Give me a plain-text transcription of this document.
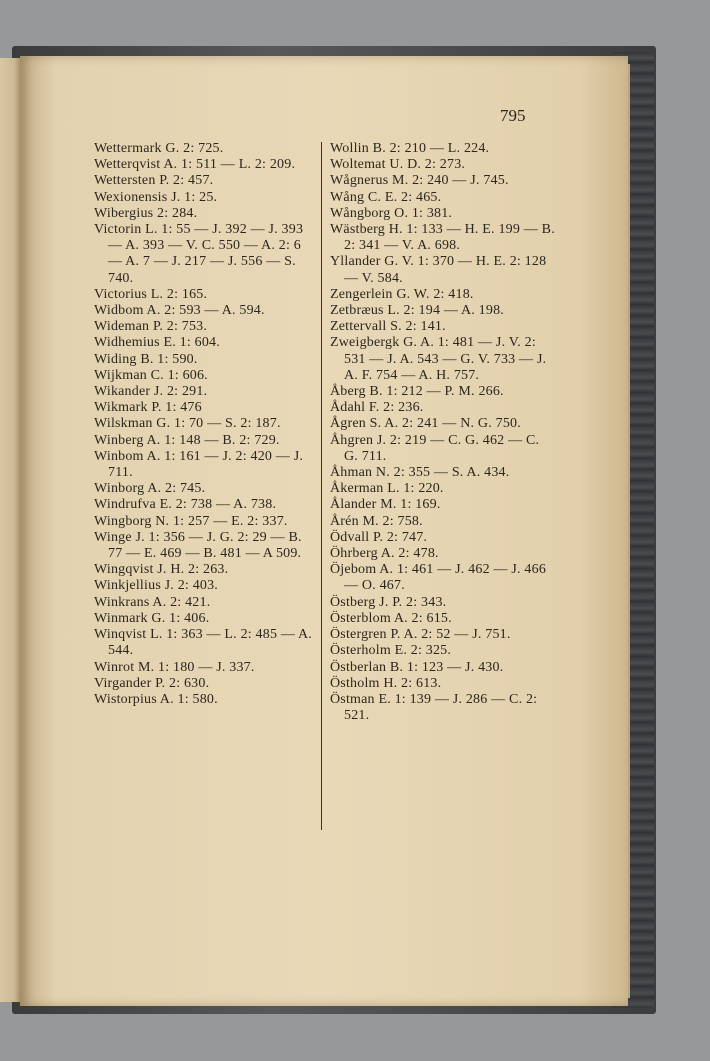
795
Wettermark G. 2: 725.
Wetterqvist A. 1: 511 — L. 2: 209.
Wettersten P. 2: 457.
Wexionensis J. 1: 25.
Wibergius 2: 284.
Victorin L. 1: 55 — J. 392 — J. 393 — A. 393 — V. C. 550 — A. 2: 6 — A. 7 — J. 217 — J. 556 — S. 740.
Victorius L. 2: 165.
Widbom A. 2: 593 — A. 594.
Wideman P. 2: 753.
Widhemius E. 1: 604.
Widing B. 1: 590.
Wijkman C. 1: 606.
Wikander J. 2: 291.
Wikmark P. 1: 476
Wilskman G. 1: 70 — S. 2: 187.
Winberg A. 1: 148 — B. 2: 729.
Winbom A. 1: 161 — J. 2: 420 — J. 711.
Winborg A. 2: 745.
Windrufva E. 2: 738 — A. 738.
Wingborg N. 1: 257 — E. 2: 337.
Winge J. 1: 356 — J. G. 2: 29 — B. 77 — E. 469 — B. 481 — A 509.
Wingqvist J. H. 2: 263.
Winkjellius J. 2: 403.
Winkrans A. 2: 421.
Winmark G. 1: 406.
Winqvist L. 1: 363 — L. 2: 485 — A. 544.
Winrot M. 1: 180 — J. 337.
Virgander P. 2: 630.
Wistorpius A. 1: 580.
Wollin B. 2: 210 — L. 224.
Woltemat U. D. 2: 273.
Wågnerus M. 2: 240 — J. 745.
Wång C. E. 2: 465.
Wångborg O. 1: 381.
Wästberg H. 1: 133 — H. E. 199 — B. 2: 341 — V. A. 698.
Yllander G. V. 1: 370 — H. E. 2: 128 — V. 584.
Zengerlein G. W. 2: 418.
Zetbræus L. 2: 194 — A. 198.
Zettervall S. 2: 141.
Zweigbergk G. A. 1: 481 — J. V. 2: 531 — J. A. 543 — G. V. 733 — J. A. F. 754 — A. H. 757.
Åberg B. 1: 212 — P. M. 266.
Ådahl F. 2: 236.
Ågren S. A. 2: 241 — N. G. 750.
Åhgren J. 2: 219 — C. G. 462 — C. G. 711.
Åhman N. 2: 355 — S. A. 434.
Åkerman L. 1: 220.
Ålander M. 1: 169.
Årén M. 2: 758.
Ödvall P. 2: 747.
Öhrberg A. 2: 478.
Öjebom A. 1: 461 — J. 462 — J. 466 — O. 467.
Östberg J. P. 2: 343.
Österblom A. 2: 615.
Östergren P. A. 2: 52 — J. 751.
Österholm E. 2: 325.
Östberlan B. 1: 123 — J. 430.
Östholm H. 2: 613.
Östman E. 1: 139 — J. 286 — C. 2: 521.
